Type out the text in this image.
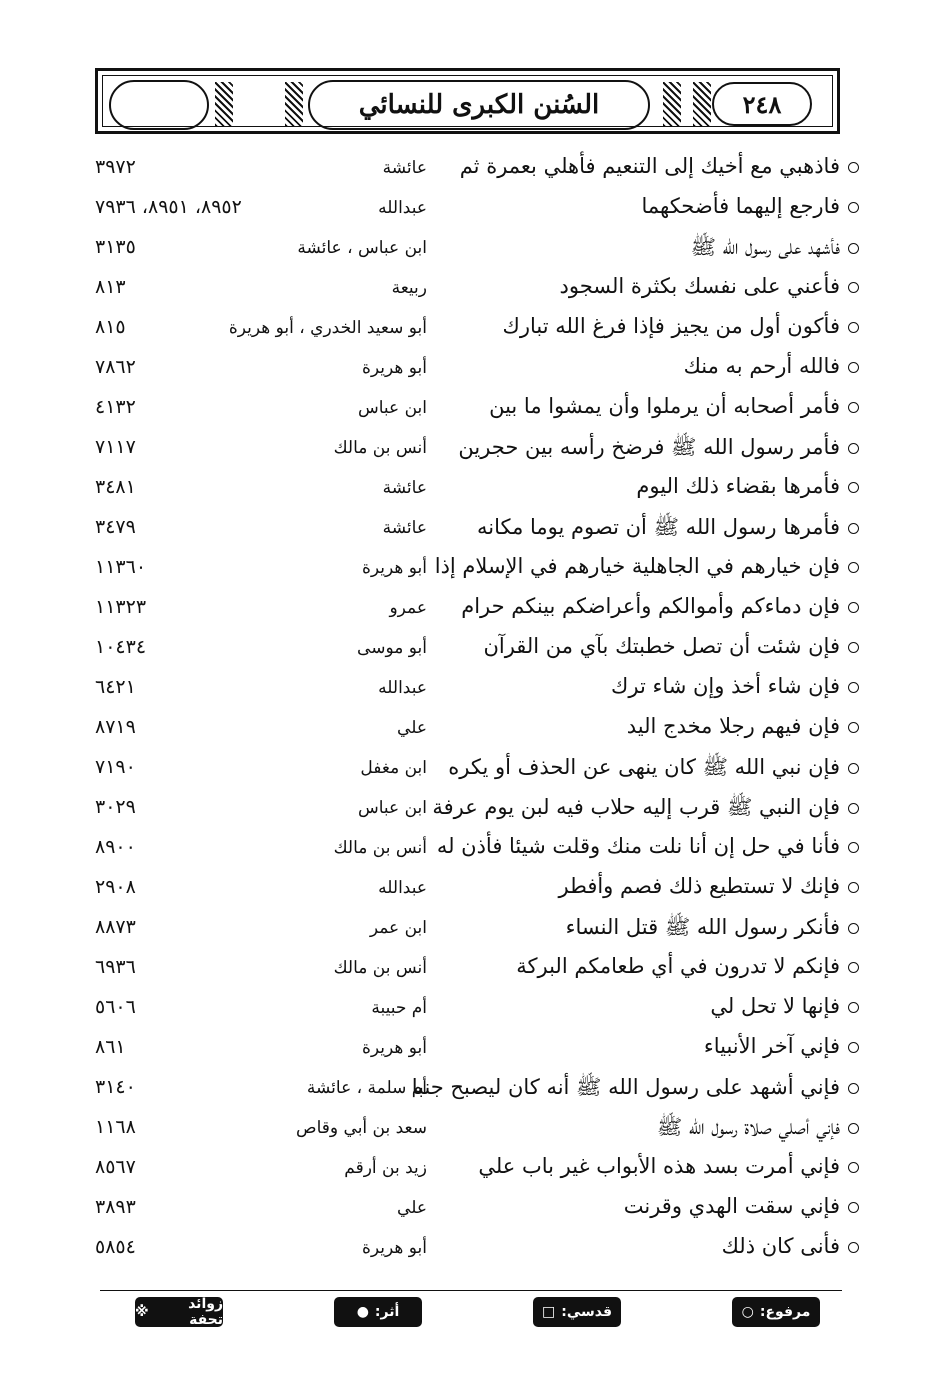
السُنن الكبرى للنسائي	٢٤٨
فاذهبي مع أخيك إلى التنعيم فأهلي بعمرة ثم
عائشة
٣٩٧٢
فارجع إليهما فأضحكهما
عبدالله
٨٩٥٢، ٨٩٥١، ٧٩٣٦
فأشهد على رسول الله ﷺ
ابن عباس ، عائشة
٣١٣٥
فأعني على نفسك بكثرة السجود
ربيعة
٨١٣
فأكون أول من يجيز فإذا فرغ الله تبارك
أبو سعيد الخدري ، أبو هريرة
٨١٥
فالله أرحم به منك
أبو هريرة
٧٨٦٢
فأمر أصحابه أن يرملوا وأن يمشوا ما بين
ابن عباس
٤١٣٢
فأمر رسول الله ﷺ فرضخ رأسه بين حجرين
أنس بن مالك
٧١١٧
فأمرها بقضاء ذلك اليوم
عائشة
٣٤٨١
فأمرها رسول الله ﷺ أن تصوم يوما مكانه
عائشة
٣٤٧٩
فإن خيارهم في الجاهلية خيارهم في الإسلام إذا
أبو هريرة
١١٣٦٠
فإن دماءكم وأموالكم وأعراضكم بينكم حرام
عمرو
١١٣٢٣
فإن شئت أن تصل خطبتك بآي من القرآن
أبو موسى
١٠٤٣٤
فإن شاء أخذ وإن شاء ترك
عبدالله
٦٤٢١
فإن فيهم رجلا مخدج اليد
علي
٨٧١٩
فإن نبي الله ﷺ كان ينهى عن الحذف أو يكره
ابن مغفل
٧١٩٠
فإن النبي ﷺ قرب إليه حلاب فيه لبن يوم عرفة
ابن عباس
٣٠٢٩
فأنا في حل إن أنا نلت منك وقلت شيئا فأذن له
أنس بن مالك
٨٩٠٠
فإنك لا تستطيع ذلك فصم وأفطر
عبدالله
٢٩٠٨
فأنكر رسول الله ﷺ قتل النساء
ابن عمر
٨٨٧٣
فإنكم لا تدرون في أي طعامكم البركة
أنس بن مالك
٦٩٣٦
فإنها لا تحل لي
أم حبيبة
٥٦٠٦
فإني آخر الأنبياء
أبو هريرة
٨٦١
فإني أشهد على رسول الله ﷺ أنه كان ليصبح جنبا
أم سلمة ، عائشة
٣١٤٠
فإني أصلي صلاة رسول الله ﷺ
سعد بن أبي وقاص
١١٦٨
فإني أمرت بسد هذه الأبواب غير باب علي
زيد بن أرقم
٨٥٦٧
فإني سقت الهدي وقرنت
علي
٣٨٩٣
فأنى كان ذلك
أبو هريرة
٥٨٥٤
مرفوع:
○
قدسي:
□
أثر:
●
زوائد تحفة
※
